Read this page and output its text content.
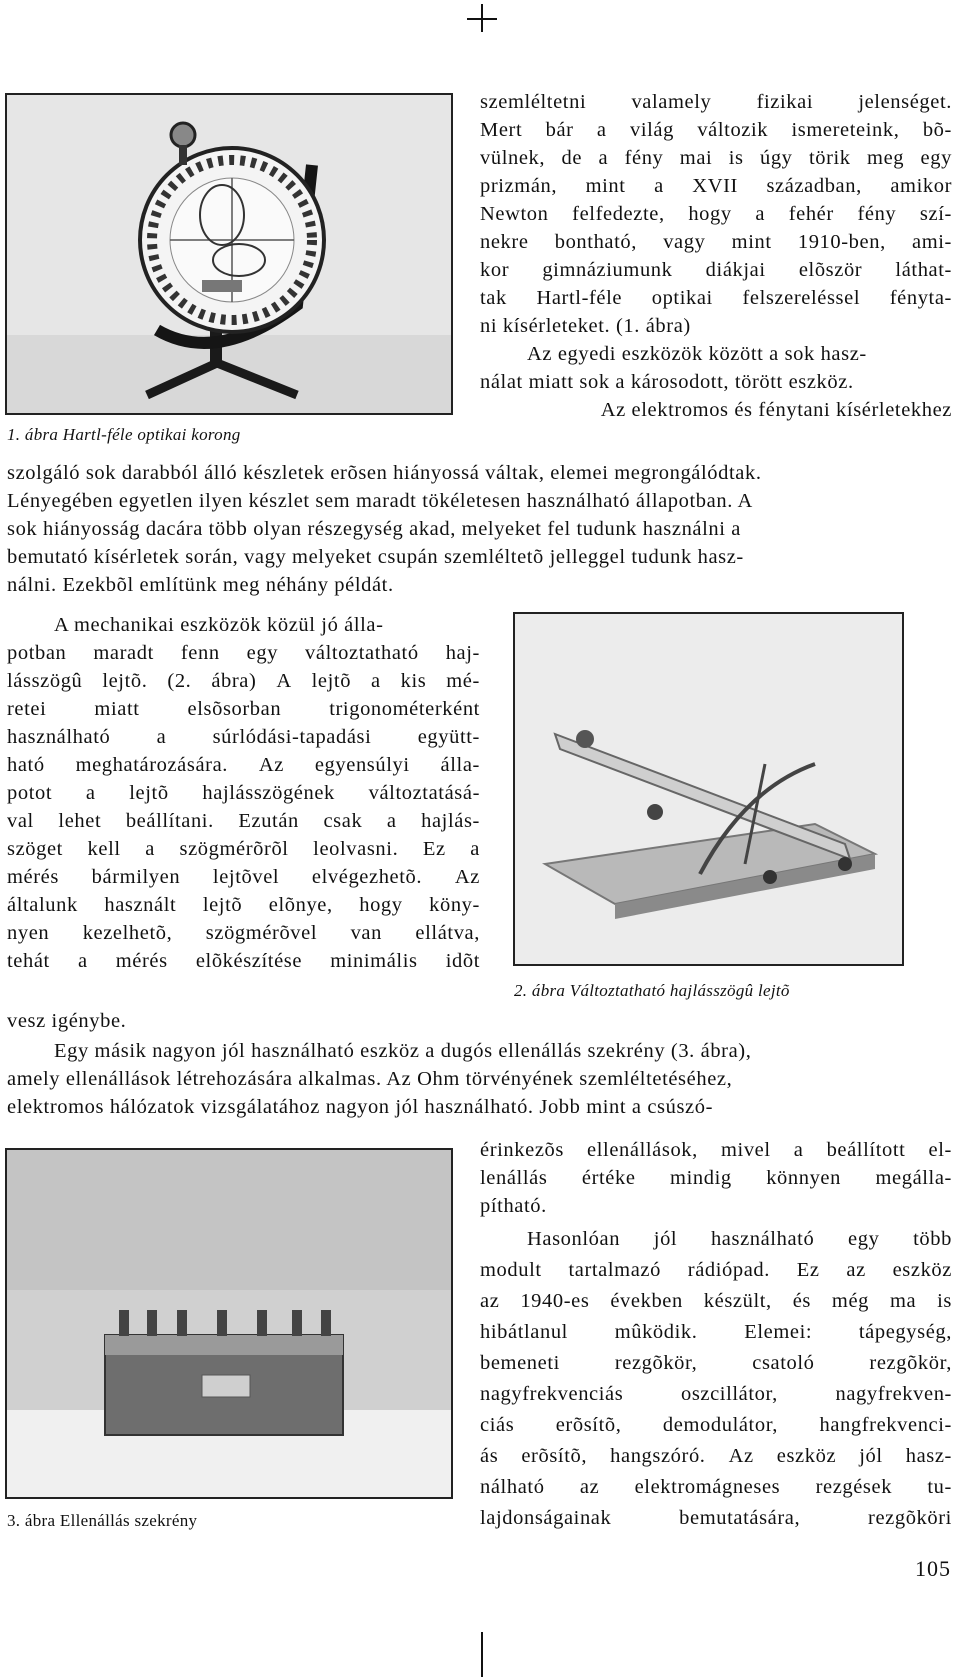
1. ábra Hartl-féle optikai korong
szemléltetni valamely fizikai jelenséget.
Mert bár a világ változik ismereteink, bõ-
vülnek, de a fény mai is úgy törik meg egy
prizmán, mint a XVII században, amikor
Newton felfedezte, hogy a fehér fény szí-
nekre bontható, vagy mint 1910-ben, ami-
kor gimnáziumunk diákjai elõször láthat-
tak Hartl-féle optikai felszereléssel fényta-
ni kísérleteket. (1. ábra)
Az egyedi eszközök között a sok hasz-
nálat miatt sok a károsodott, törött eszköz.
Az elektromos és fénytani kísérletekhez
szolgáló sok darabból álló készletek erõsen hiányossá váltak, elemei megrongálódtak.
Lényegében egyetlen ilyen készlet sem maradt tökéletesen használható állapotban. A
sok hiányosság dacára több olyan részegység akad, melyeket fel tudunk használni a
bemutató kísérletek során, vagy melyeket csupán szemléltetõ jelleggel tudunk hasz-
nálni. Ezekbõl említünk meg néhány példát.
2. ábra Változtatható hajlásszögû lejtõ
A mechanikai eszközök közül jó álla-
potban maradt fenn egy változtatható haj-
lásszögû lejtõ. (2. ábra) A lejtõ a kis mé-
retei miatt elsõsorban trigonométerként
használható a súrlódási-tapadási együtt-
ható meghatározására. Az egyensúlyi álla-
potot a lejtõ hajlásszögének változtatásá-
val lehet beállítani. Ezután csak a hajlás-
szöget kell a szögmérõrõl leolvasni. Ez a
mérés bármilyen lejtõvel elvégezhetõ. Az
általunk használt lejtõ elõnye, hogy köny-
nyen kezelhetõ, szögmérõvel van ellátva,
tehát a mérés elõkészítése minimális idõt
vesz igénybe.
Egy másik nagyon jól használható eszköz a dugós ellenállás szekrény (3. ábra),
amely ellenállások létrehozására alkalmas. Az Ohm törvényének szemléltetéséhez,
elektromos hálózatok vizsgálatához nagyon jól használható. Jobb mint a csúszó-
3. ábra Ellenállás szekrény
érinkezõs ellenállások, mivel a beállított el-
lenállás értéke mindig könnyen megálla-
pítható.
Hasonlóan jól használható egy több
modult tartalmazó rádiópad. Ez az eszköz
az 1940-es években készült, és még ma is
hibátlanul mûködik. Elemei: tápegység,
bemeneti	rezgõkör,	csatoló	rezgõkör,
nagyfrekvenciás	oszcillátor,	nagyfrekven-
ciás erõsítõ, demodulátor, hangfrekvenci-
ás erõsítõ, hangszóró. Az eszköz jól hasz-
nálható az elektromágneses rezgések tu-
lajdonságainak	bemutatására,	rezgõköri
105
